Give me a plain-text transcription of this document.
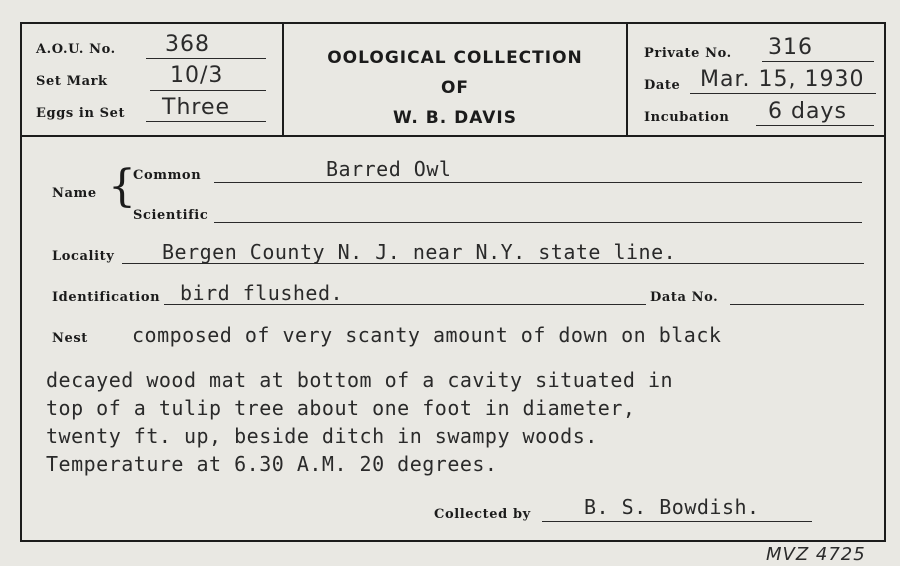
A.O.U. No. 368
Set Mark	10/3
Eggs in Set Three
OOLOGICAL COLLECTION
OF
W. B. DAVIS
Private No. 316
Date Mar. 15, 1930
Incubation 6 days
Name {
Common	Barred Owl
Scientific
Locality Bergen County N. J. near N.Y. state line.
Identification bird flushed.	Data No.
Nest composed of very scanty amount of down on black
decayed wood mat at bottom of a cavity situated in
top of a tulip tree about one foot in diameter,
twenty ft. up, beside ditch in swampy woods.
Temperature at 6.30 A.M. 20 degrees.
Collected by	B. S. Bowdish.
MVZ 4725
